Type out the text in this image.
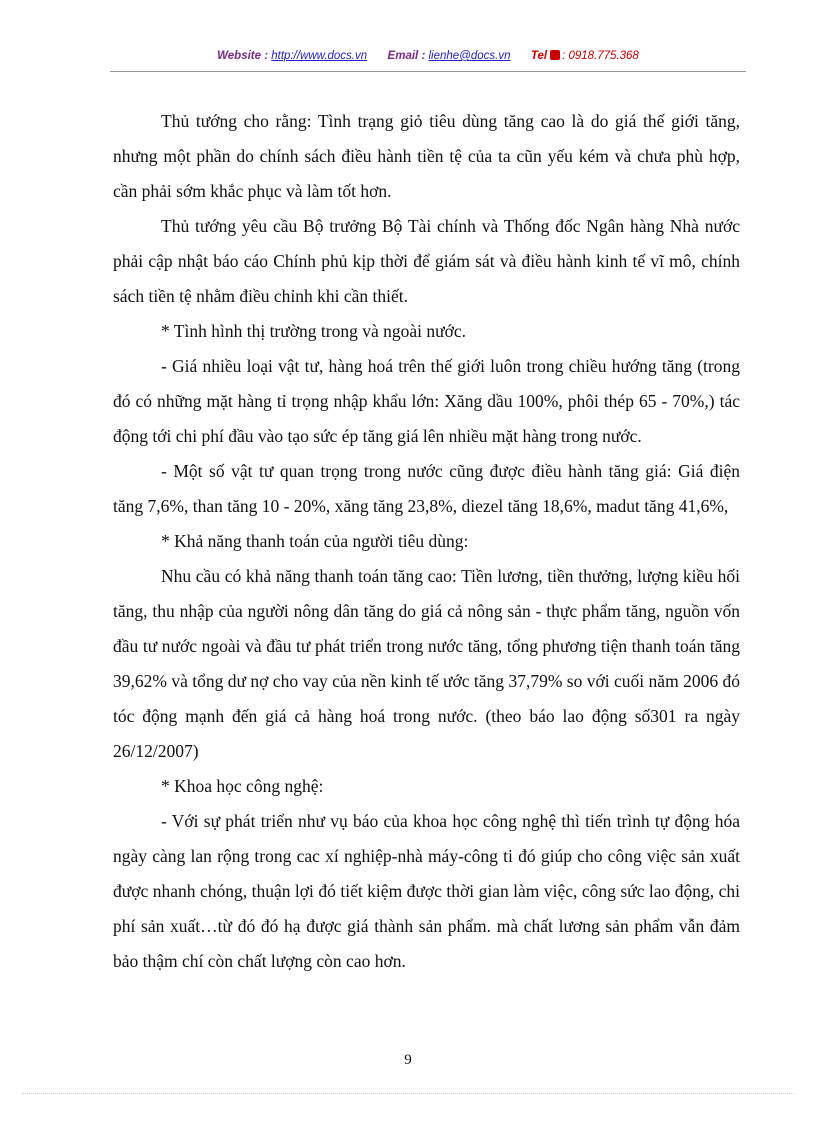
Website : http://www.docs.vn Email : lienhe@docs.vn Tel : 0918.775.368

Thủ tướng cho rằng: Tình trạng giỏ tiêu dùng tăng cao là do giá thế giới tăng, nhưng một phần do chính sách điều hành tiền tệ của ta cũn yếu kém và chưa phù hợp, cần phải sớm khắc phục và làm tốt hơn.

Thủ tướng yêu cầu Bộ trưởng Bộ Tài chính và Thống đốc Ngân hàng Nhà nước phải cập nhật báo cáo Chính phủ kịp thời để giám sát và điều hành kinh tế vĩ mô, chính sách tiền tệ nhằm điều chỉnh khi cần thiết.

* Tình hình thị trường trong và ngoài nước.

- Giá nhiều loại vật tư, hàng hoá trên thế giới luôn trong chiều hướng tăng (trong đó có những mặt hàng tỉ trọng nhập khẩu lớn: Xăng dầu 100%, phôi thép 65 - 70%,) tác động tới chi phí đầu vào tạo sức ép tăng giá lên nhiều mặt hàng trong nước.

- Một số vật tư quan trọng trong nước cũng được điều hành tăng giá: Giá điện tăng 7,6%, than tăng 10 - 20%, xăng tăng 23,8%, diezel tăng 18,6%, madut tăng 41,6%,

* Khả năng thanh toán của người tiêu dùng:

Nhu cầu có khả năng thanh toán tăng cao: Tiền lương, tiền thưởng, lượng kiều hối tăng, thu nhập của người nông dân tăng do giá cả nông sản - thực phẩm tăng, nguồn vốn đầu tư nước ngoài và đầu tư phát triển trong nước tăng, tổng phương tiện thanh toán tăng 39,62% và tổng dư nợ cho vay của nền kinh tế ước tăng 37,79% so với cuối năm 2006 đó tóc động mạnh đến giá cả hàng hoá trong nước. (theo báo lao động số301 ra ngày 26/12/2007)

* Khoa học công nghệ:

- Với sự phát triển như vụ báo của khoa học công nghệ thì tiến trình tự động hóa ngày càng lan rộng trong cac xí nghiệp-nhà máy-công ti đó giúp cho công việc sản xuất được nhanh chóng, thuận lợi đó tiết kiệm được thời gian làm việc, công sức lao động, chi phí sản xuất…từ đó đó hạ được giá thành sản phẩm. mà chất lương sản phẩm vẫn đảm bảo thậm chí còn chất lượng còn cao hơn.

9
